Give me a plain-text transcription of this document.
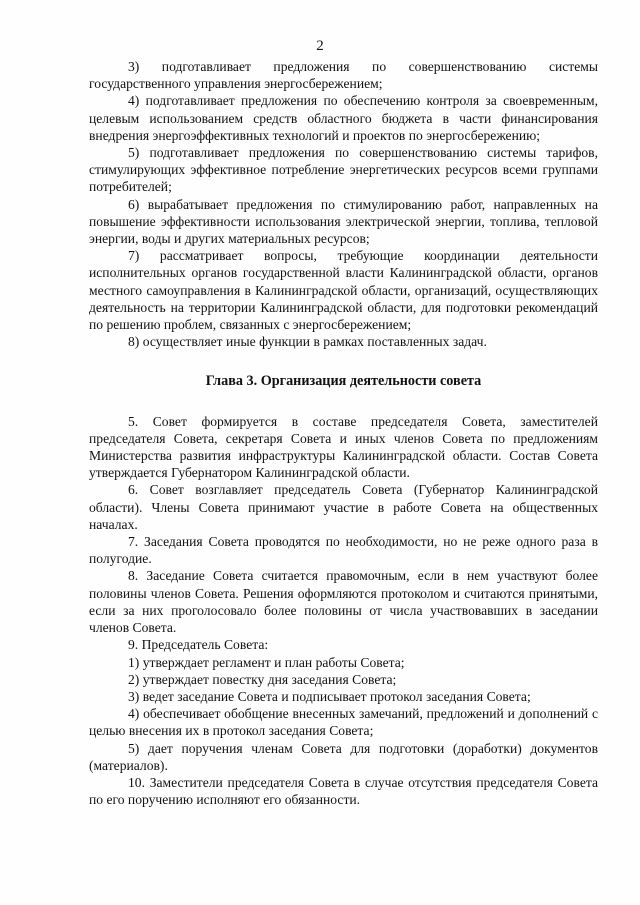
2

3) подготавливает предложения по совершенствованию системы государственного управления энергосбережением;

4) подготавливает предложения по обеспечению контроля за своевременным, целевым использованием средств областного бюджета в части финансирования внедрения энергоэффективных технологий и проектов по энергосбережению;

5) подготавливает предложения по совершенствованию системы тарифов, стимулирующих эффективное потребление энергетических ресурсов всеми группами потребителей;

6) вырабатывает предложения по стимулированию работ, направленных на повышение эффективности использования электрической энергии, топлива, тепловой энергии, воды и других материальных ресурсов;

7) рассматривает вопросы, требующие координации деятельности исполнительных органов государственной власти Калининградской области, органов местного самоуправления в Калининградской области, организаций, осуществляющих деятельность на территории Калининградской области, для подготовки рекомендаций по решению проблем, связанных с энергосбережением;

8) осуществляет иные функции в рамках поставленных задач.

Глава 3. Организация деятельности совета

5. Совет формируется в составе председателя Совета, заместителей председателя Совета, секретаря Совета и иных членов Совета по предложениям Министерства развития инфраструктуры Калининградской области. Состав Совета утверждается Губернатором Калининградской области.

6. Совет возглавляет председатель Совета (Губернатор Калининградской области). Члены Совета принимают участие в работе Совета на общественных началах.

7. Заседания Совета проводятся по необходимости, но не реже одного раза в полугодие.

8. Заседание Совета считается правомочным, если в нем участвуют более половины членов Совета. Решения оформляются протоколом и считаются принятыми, если за них проголосовало более половины от числа участвовавших в заседании членов Совета.

9. Председатель Совета:

1) утверждает регламент и план работы Совета;

2) утверждает повестку дня заседания Совета;

3) ведет заседание Совета и подписывает протокол заседания Совета;

4) обеспечивает обобщение внесенных замечаний, предложений и дополнений с целью внесения их в протокол заседания Совета;

5) дает поручения членам Совета для подготовки (доработки) документов (материалов).

10. Заместители председателя Совета в случае отсутствия председателя Совета по его поручению исполняют его обязанности.
